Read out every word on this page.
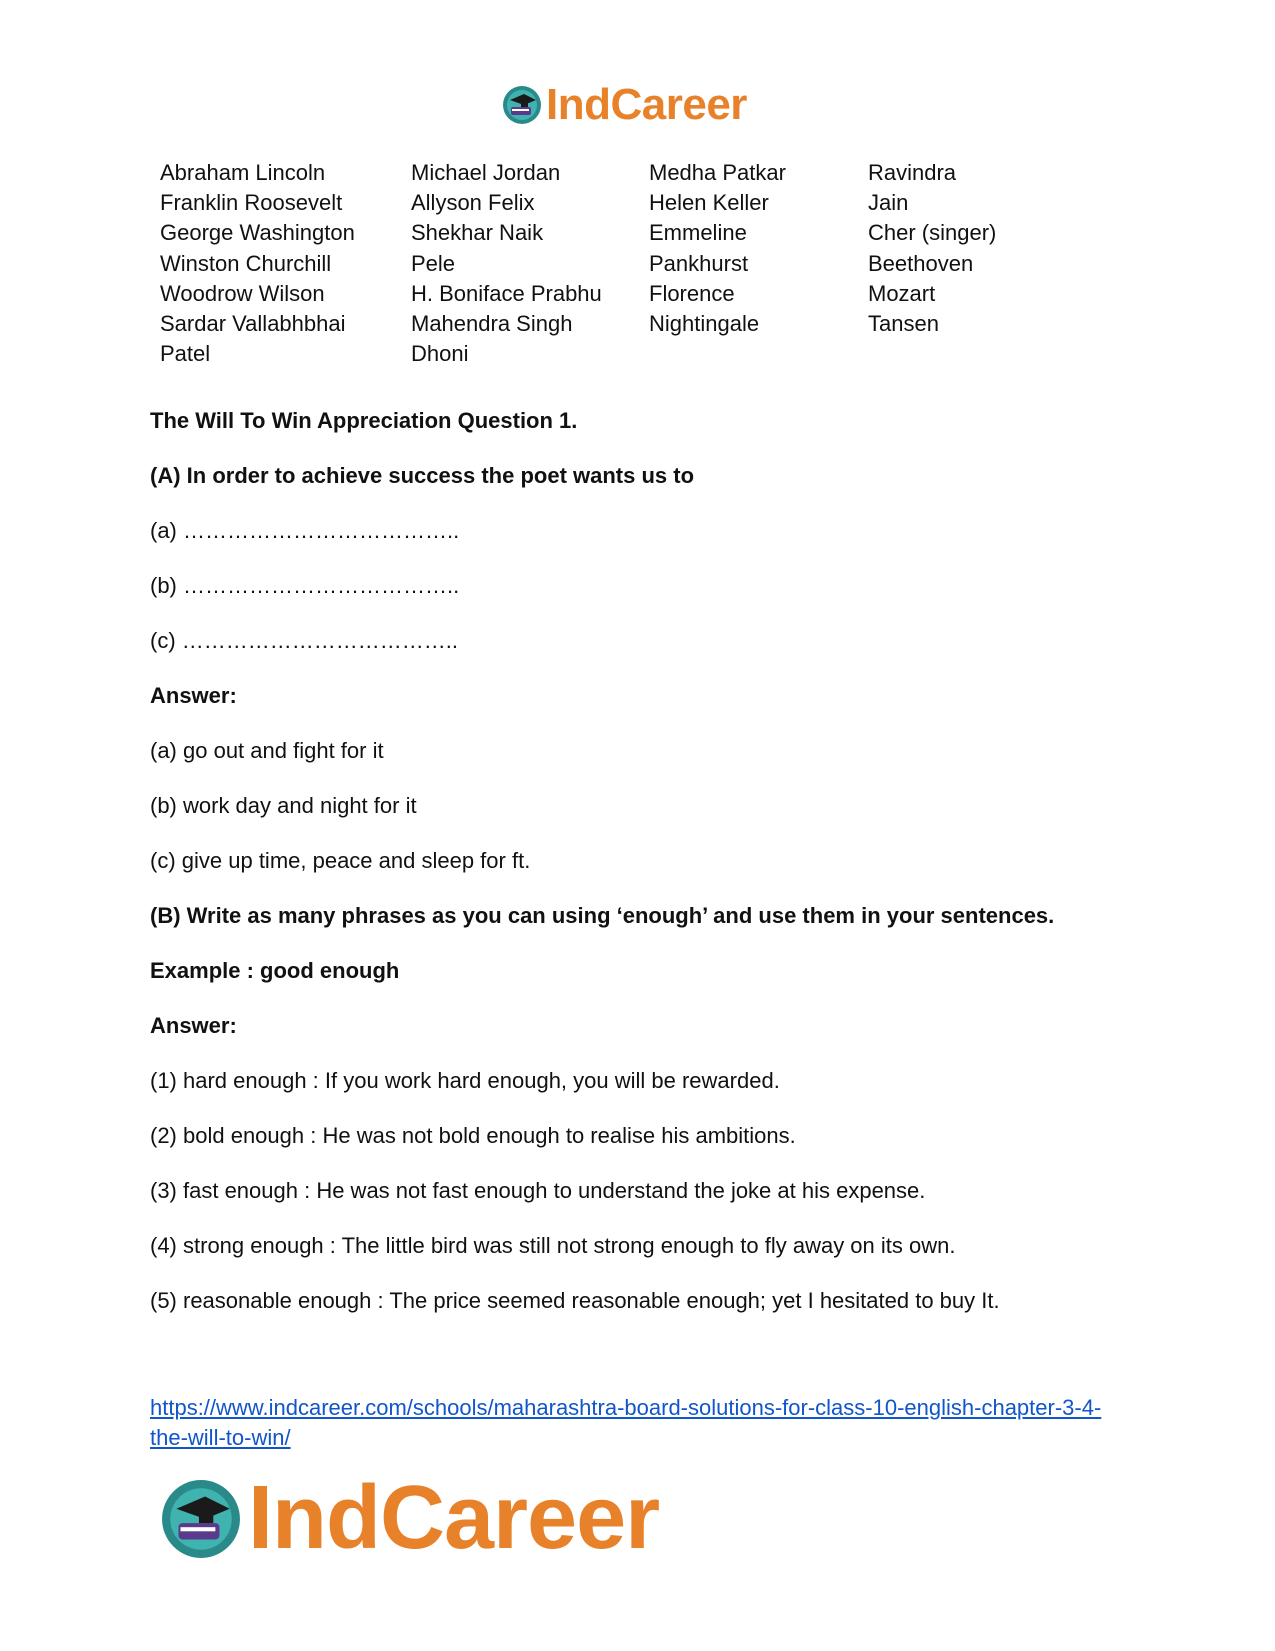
IndCareer
Abraham Lincoln
Franklin Roosevelt
George Washington
Winston Churchill
Woodrow Wilson
Sardar Vallabhbhai
Patel
Michael Jordan
Allyson Felix
Shekhar Naik
Pele
H. Boniface Prabhu
Mahendra Singh
Dhoni
Medha Patkar
Helen Keller
Emmeline
Pankhurst
Florence
Nightingale
Ravindra
Jain
Cher (singer)
Beethoven
Mozart
Tansen
The Will To Win Appreciation Question 1.
(A) In order to achieve success the poet wants us to
(a) ………………………………..
(b) ………………………………..
(c) ………………………………..
Answer:
(a) go out and fight for it
(b) work day and night for it
(c) give up time, peace and sleep for ft.
(B) Write as many phrases as you can using ‘enough’ and use them in your sentences.
Example : good enough
Answer:
(1) hard enough : If you work hard enough, you will be rewarded.
(2) bold enough : He was not bold enough to realise his ambitions.
(3) fast enough : He was not fast enough to understand the joke at his expense.
(4) strong enough : The little bird was still not strong enough to fly away on its own.
(5) reasonable enough : The price seemed reasonable enough; yet I hesitated to buy It.
https://www.indcareer.com/schools/maharashtra-board-solutions-for-class-10-english-chapter-3-4-the-will-to-win/
IndCareer
